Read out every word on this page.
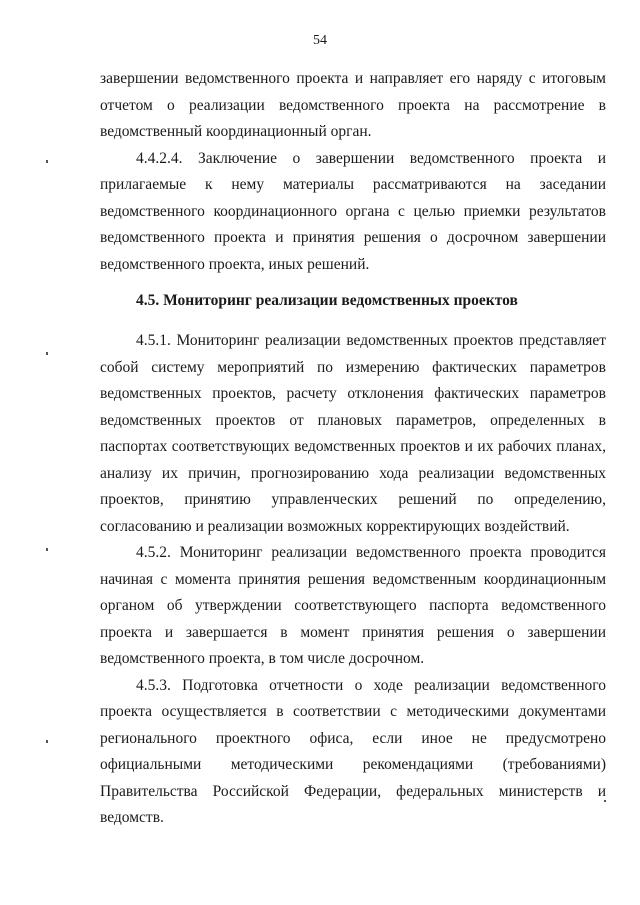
54

завершении ведомственного проекта и направляет его наряду с итоговым отчетом о реализации ведомственного проекта на рассмотрение в ведомственный координационный орган.

4.4.2.4. Заключение о завершении ведомственного проекта и прилагаемые к нему материалы рассматриваются на заседании ведомственного координационного органа с целью приемки результатов ведомственного проекта и принятия решения о досрочном завершении ведомственного проекта, иных решений.

4.5. Мониторинг реализации ведомственных проектов

4.5.1. Мониторинг реализации ведомственных проектов представляет собой систему мероприятий по измерению фактических параметров ведомственных проектов, расчету отклонения фактических параметров ведомственных проектов от плановых параметров, определенных в паспортах соответствующих ведомственных проектов и их рабочих планах, анализу их причин, прогнозированию хода реализации ведомственных проектов, принятию управленческих решений по определению, согласованию и реализации возможных корректирующих воздействий.

4.5.2. Мониторинг реализации ведомственного проекта проводится начиная с момента принятия решения ведомственным координационным органом об утверждении соответствующего паспорта ведомственного проекта и завершается в момент принятия решения о завершении ведомственного проекта, в том числе досрочном.

4.5.3. Подготовка отчетности о ходе реализации ведомственного проекта осуществляется в соответствии с методическими документами регионального проектного офиса, если иное не предусмотрено официальными методическими рекомендациями (требованиями) Правительства Российской Федерации, федеральных министерств и ведомств.
